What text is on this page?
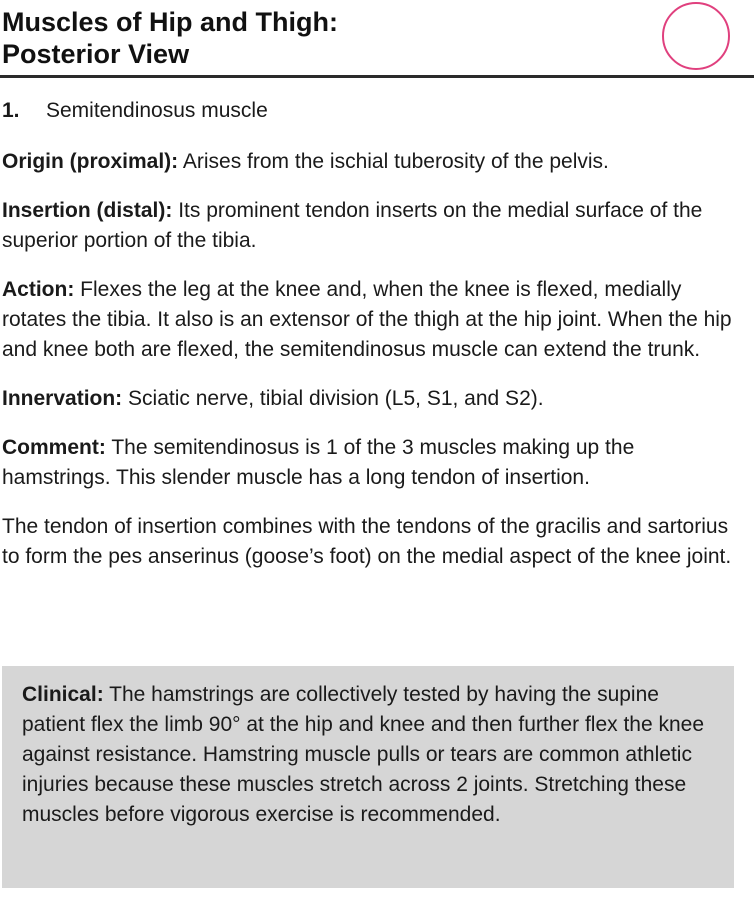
Muscles of Hip and Thigh:
Posterior View

1. Semitendinosus muscle

Origin (proximal): Arises from the ischial tuberosity of the pelvis.

Insertion (distal): Its prominent tendon inserts on the medial surface of the superior portion of the tibia.

Action: Flexes the leg at the knee and, when the knee is flexed, medially rotates the tibia. It also is an extensor of the thigh at the hip joint. When the hip and knee both are flexed, the semitendinosus muscle can extend the trunk.

Innervation: Sciatic nerve, tibial division (L5, S1, and S2).

Comment: The semitendinosus is 1 of the 3 muscles making up the hamstrings. This slender muscle has a long tendon of insertion.

The tendon of insertion combines with the tendons of the gracilis and sartorius to form the pes anserinus (goose’s foot) on the medial aspect of the knee joint.

Clinical: The hamstrings are collectively tested by having the supine patient flex the limb 90° at the hip and knee and then further flex the knee against resistance. Hamstring muscle pulls or tears are common athletic injuries because these muscles stretch across 2 joints. Stretching these muscles before vigorous exercise is recommended.
